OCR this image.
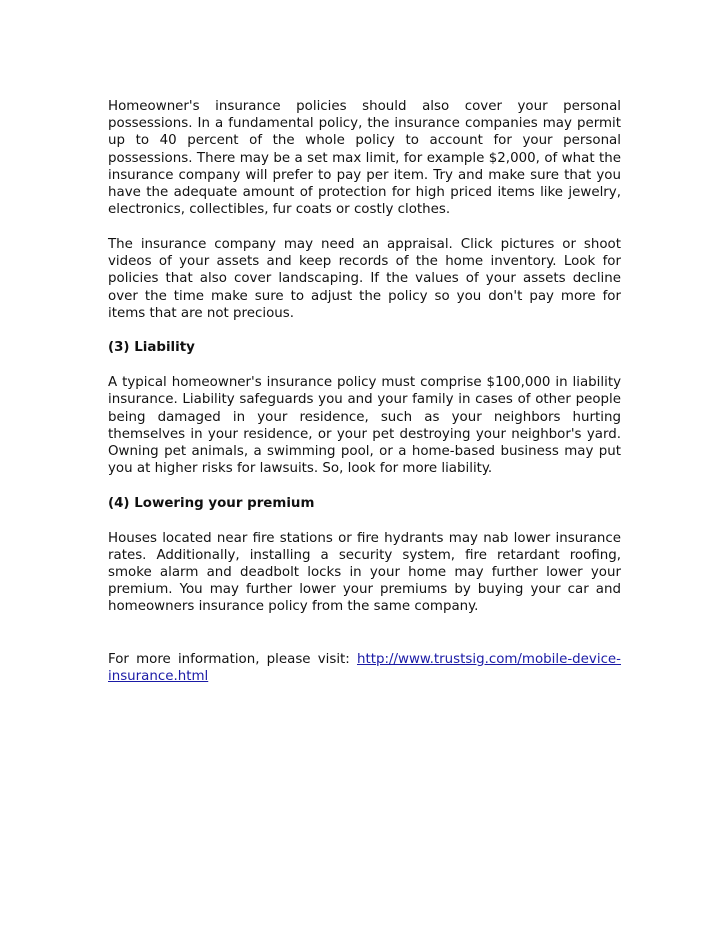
Homeowner's insurance policies should also cover your personal possessions. In a fundamental policy, the insurance companies may permit up to 40 percent of the whole policy to account for your personal possessions. There may be a set max limit, for example $2,000, of what the insurance company will prefer to pay per item. Try and make sure that you have the adequate amount of protection for high priced items like jewelry, electronics, collectibles, fur coats or costly clothes.

The insurance company may need an appraisal. Click pictures or shoot videos of your assets and keep records of the home inventory. Look for policies that also cover landscaping. If the values of your assets decline over the time make sure to adjust the policy so you don't pay more for items that are not precious.

(3) Liability

A typical homeowner's insurance policy must comprise $100,000 in liability insurance. Liability safeguards you and your family in cases of other people being damaged in your residence, such as your neighbors hurting themselves in your residence, or your pet destroying your neighbor's yard. Owning pet animals, a swimming pool, or a home-based business may put you at higher risks for lawsuits. So, look for more liability.

(4) Lowering your premium

Houses located near fire stations or fire hydrants may nab lower insurance rates. Additionally, installing a security system, fire retardant roofing, smoke alarm and deadbolt locks in your home may further lower your premium. You may further lower your premiums by buying your car and homeowners insurance policy from the same company.

For more information, please visit: http://www.trustsig.com/mobile-device-insurance.html
